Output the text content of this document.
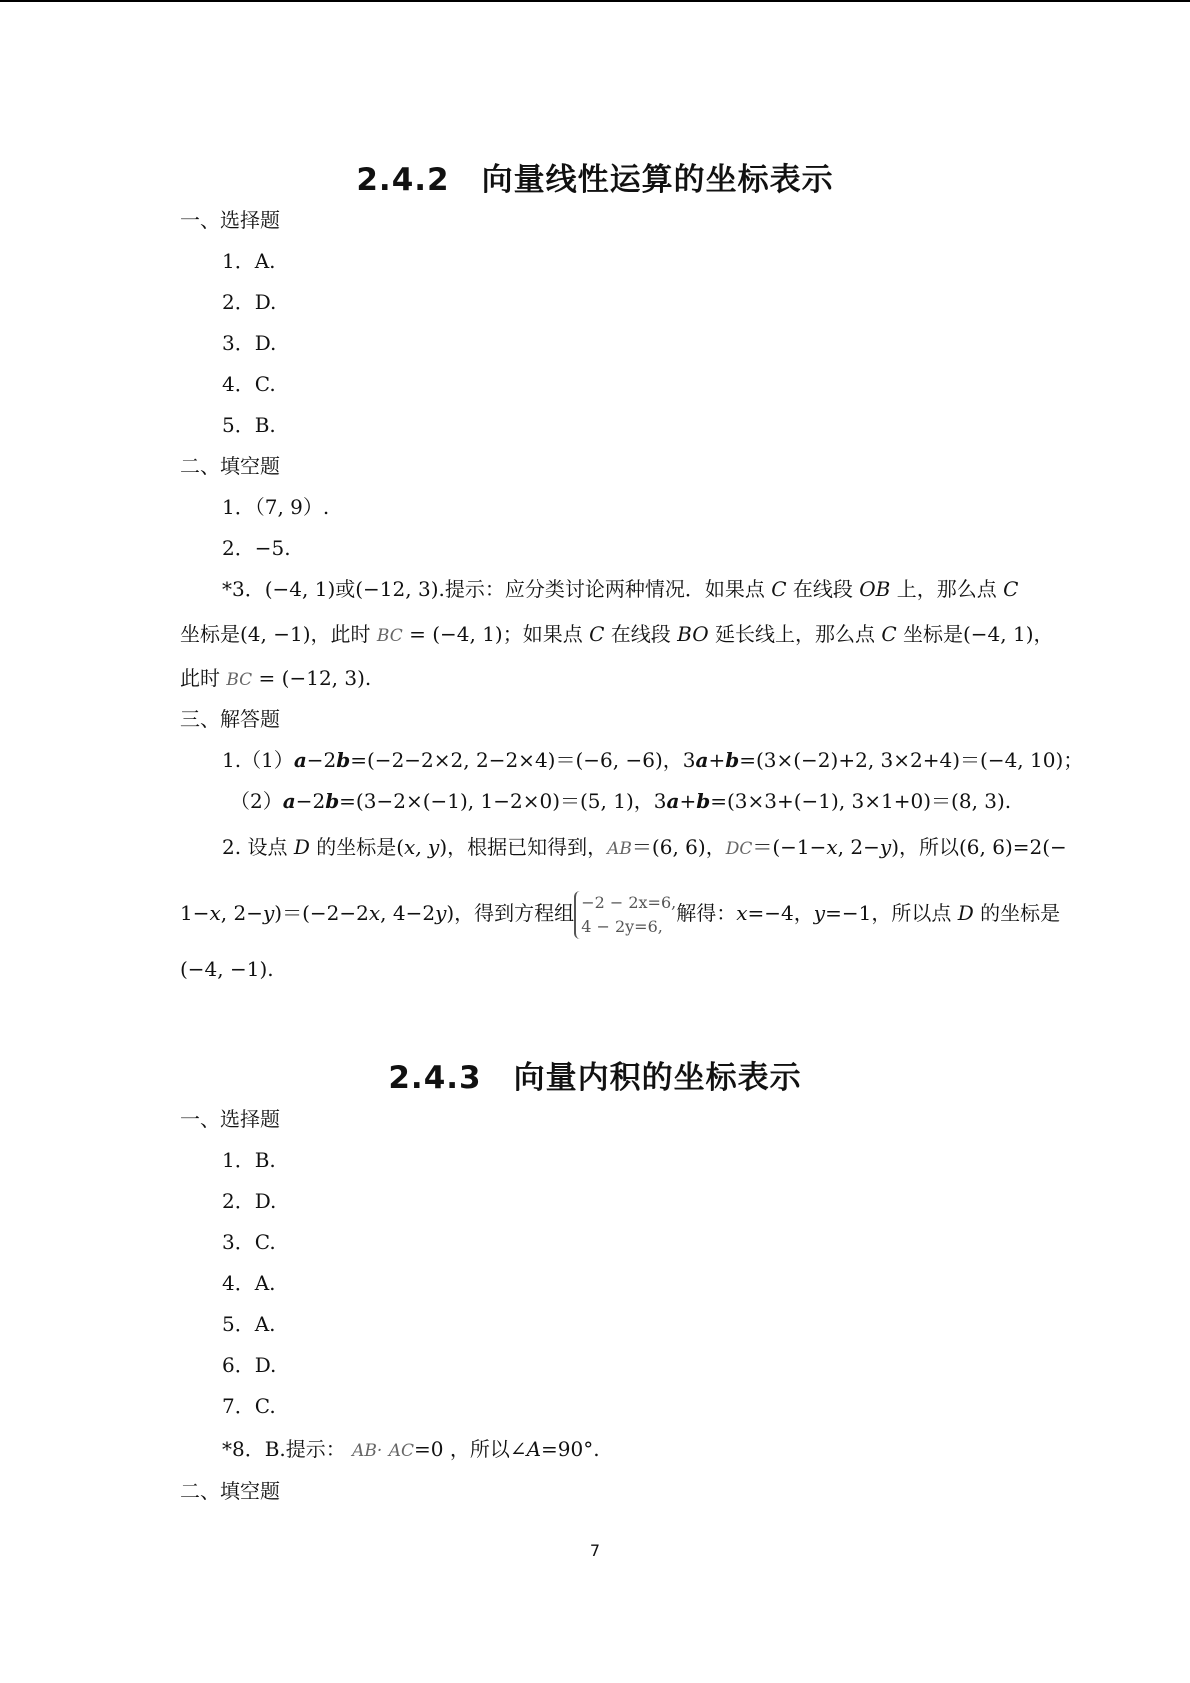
2.4.2　向量线性运算的坐标表示
一、选择题
1．A.
2．D.
3．D.
4．C.
5．B.
二、填空题
1．（7, 9）.
2．−5.
*3．(−4, 1)或(−12, 3).提示：应分类讨论两种情况．如果点 C 在线段 OB 上，那么点 C
坐标是(4, −1)，此时 BC = (−4, 1)；如果点 C 在线段 BO 延长线上，那么点 C 坐标是(−4, 1)，
此时 BC = (−12, 3).
三、解答题
1.（1）a−2b=(−2−2×2, 2−2×4)＝(−6, −6)，3a+b=(3×(−2)+2, 3×2+4)＝(−4, 10)；
（2）a−2b=(3−2×(−1), 1−2×0)＝(5, 1)，3a+b=(3×3+(−1), 3×1+0)＝(8, 3).
2. 设点 D 的坐标是(x, y)，根据已知得到，AB＝(6, 6)，DC＝(−1−x, 2−y)，所以(6, 6)=2(−
1−x, 2−y)＝(−2−2x, 4−2y)，得到方程组 −2 − 2x=6,
4 − 2y=6,解得：x=−4，y=−1，所以点 D 的坐标是
(−4, −1).
2.4.3　向量内积的坐标表示
一、选择题
1．B.
2．D.
3．C.
4．A.
5．A.
6．D.
7．C.
*8．B.提示： AB· AC=0 ，所以∠A=90°.
二、填空题
7
